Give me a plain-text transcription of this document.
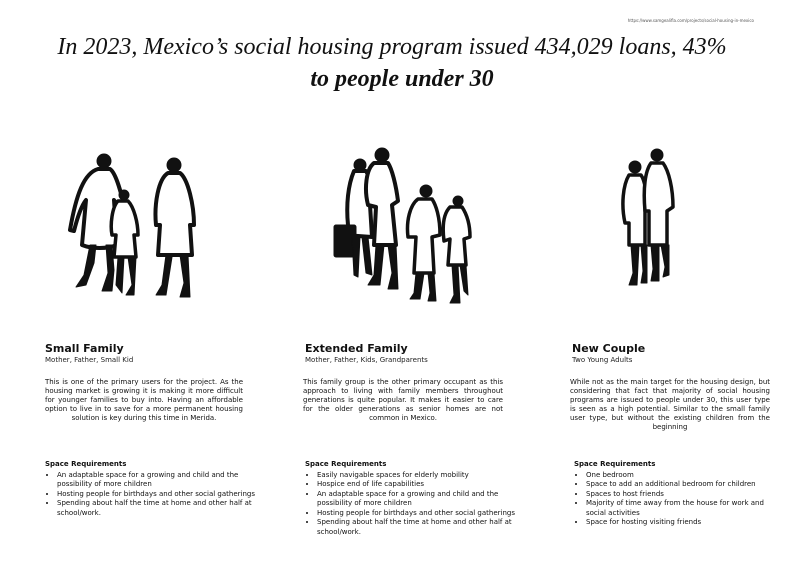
https://www.samgealifla.com/projects/social-housing-in-mexico
In 2023, Mexico’s social housing program issued 434,029 loans, 43%
to people under 30

Small Family

Mother, Father, Small Kid

This is one of the primary users for the project. As the housing market is growing it is making it more difficult for younger families to buy into. Having an affordable option to live in to save for a more permanent housing solution is key during this time in Merida.

Space Requirements

• An adaptable space for a growing and child and the possibility of more children
• Hosting people for birthdays and other social gatherings
• Spending about half the time at home and other half at school/work.

Extended Family

Mother, Father, Kids, Grandparents

This family group is the other primary occupant as this approach to living with family members throughout generations is quite popular. It makes it easier to care for the older generations as senior homes are not common in Mexico.

Space Requirements

• Easily navigable spaces for elderly mobility
• Hospice end of life capabilities
• An adaptable space for a growing and child and the possibility of more children
• Hosting people for birthdays and other social gatherings
• Spending about half the time at home and other half at school/work.

New Couple

Two Young Adults

While not as the main target for the housing design, but considering that fact that majority of social housing programs are issued to people under 30, this user type is seen as a high potential. Similar to the small family user type, but without the existing children from the beginning

Space Requirements

• One bedroom
• Space to add an additional bedroom for children
• Spaces to host friends
• Majority of time away from the house for work and social activities
• Space for hosting visiting friends
